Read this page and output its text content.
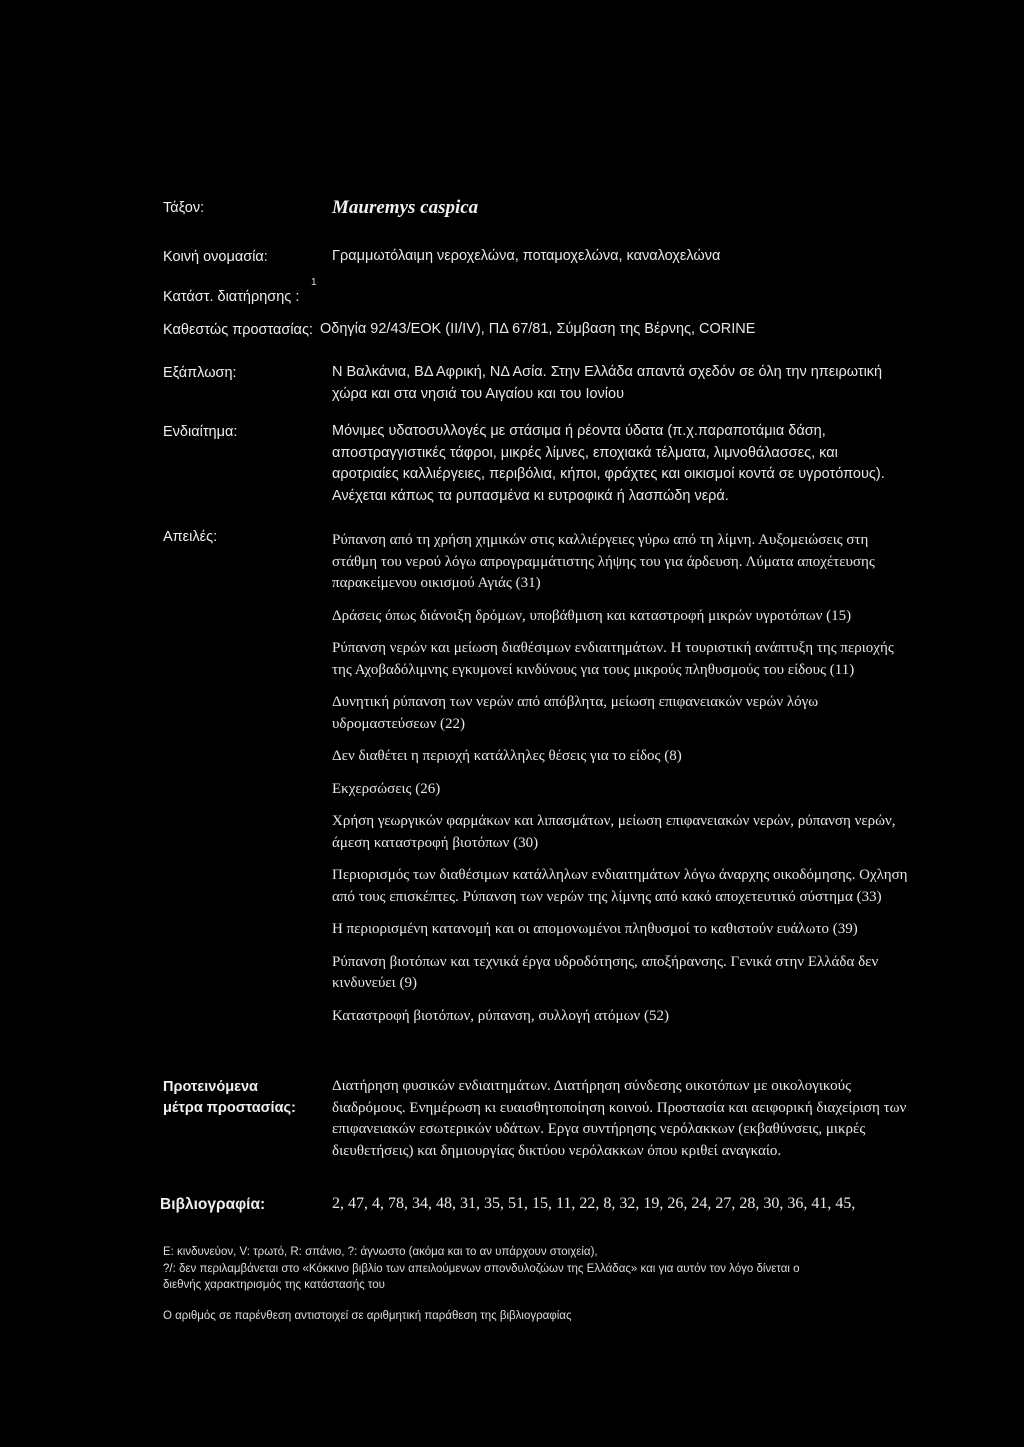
Τάξον:	Mauremys caspica
Κοινή ονομασία:	Γραμμωτόλαιμη νεροχελώνα, ποταμοχελώνα, καναλοχελώνα
1
Κατάστ. διατήρησης :
Καθεστώς προστασίας: Οδηγία 92/43/ΕΟΚ (II/IV), ΠΔ 67/81, Σύμβαση της Βέρνης, CORINE
Εξάπλωση:	Ν Βαλκάνια, ΒΔ Αφρική, ΝΔ Ασία. Στην Ελλάδα απαντά σχεδόν σε όλη την ηπειρωτική χώρα και στα νησιά του Αιγαίου και του Ιονίου
Ενδιαίτημα:	Μόνιμες υδατοσυλλογές με στάσιμα ή ρέοντα ύδατα (π.χ.παραποτάμια δάση, αποστραγγιστικές τάφροι, μικρές λίμνες, εποχιακά τέλματα, λιμνοθάλασσες, και αροτριαίες καλλιέργειες, περιβόλια, κήποι, φράχτες και οικισμοί κοντά σε υγροτόπους). Ανέχεται κάπως τα ρυπασμένα κι ευτροφικά ή λασπώδη νερά.
Απειλές:	Ρύπανση από τη χρήση χημικών στις καλλιέργειες γύρω από τη λίμνη. Αυξομειώσεις στη στάθμη του νερού λόγω απρογραμμάτιστης λήψης του για άρδευση. Λύματα αποχέτευσης παρακείμενου οικισμού Αγιάς (31)

Δράσεις όπως διάνοιξη δρόμων, υποβάθμιση και καταστροφή μικρών υγροτόπων (15)

Ρύπανση νερών και μείωση διαθέσιμων ενδιαιτημάτων. Η τουριστική ανάπτυξη της περιοχής της Αχοβαδόλιμνης εγκυμονεί κινδύνους για τους μικρούς πληθυσμούς του είδους (11)

Δυνητική ρύπανση των νερών από απόβλητα, μείωση επιφανειακών νερών λόγω υδρομαστεύσεων (22)

Δεν διαθέτει η περιοχή κατάλληλες θέσεις για το είδος (8)

Εκχερσώσεις (26)

Χρήση γεωργικών φαρμάκων και λιπασμάτων, μείωση επιφανειακών νερών, ρύπανση νερών, άμεση καταστροφή βιοτόπων (30)

Περιορισμός των διαθέσιμων κατάλληλων ενδιαιτημάτων λόγω άναρχης οικοδόμησης. Οχληση από τους επισκέπτες. Ρύπανση των νερών της λίμνης από κακό αποχετευτικό σύστημα (33)

Η περιορισμένη κατανομή και οι απομονωμένοι πληθυσμοί το καθιστούν ευάλωτο (39)

Ρύπανση βιοτόπων και τεχνικά έργα υδροδότησης, αποξήρανσης. Γενικά στην Ελλάδα δεν κινδυνεύει (9)

Καταστροφή βιοτόπων, ρύπανση, συλλογή ατόμων (52)

Προτεινόμενα
μέτρα προστασίας:
Διατήρηση φυσικών ενδιαιτημάτων. Διατήρηση σύνδεσης οικοτόπων με οικολογικούς διαδρόμους. Ενημέρωση κι ευαισθητοποίηση κοινού. Προστασία και αειφορική διαχείριση των επιφανειακών εσωτερικών υδάτων. Εργα συντήρησης νερόλακκων (εκβαθύνσεις, μικρές διευθετήσεις) και δημιουργίας δικτύου νερόλακκων όπου κριθεί αναγκαίο.
Βιβλιογραφία:	2, 47, 4, 78, 34, 48, 31, 35, 51, 15, 11, 22, 8, 32, 19, 26, 24, 27, 28, 30, 36, 41, 45,
E: κινδυνεύον, V: τρωτό, R: σπάνιο, ?: άγνωστο (ακόμα και το αν υπάρχουν στοιχεία),
?/: δεν περιλαμβάνεται στο «Κόκκινο βιβλίο των απειλούμενων σπονδυλοζώων της Ελλάδας» και για αυτόν τον λόγο δίνεται ο διεθνής χαρακτηρισμός της κατάστασής του
Ο αριθμός σε παρένθεση αντιστοιχεί σε αριθμητική παράθεση της βιβλιογραφίας
